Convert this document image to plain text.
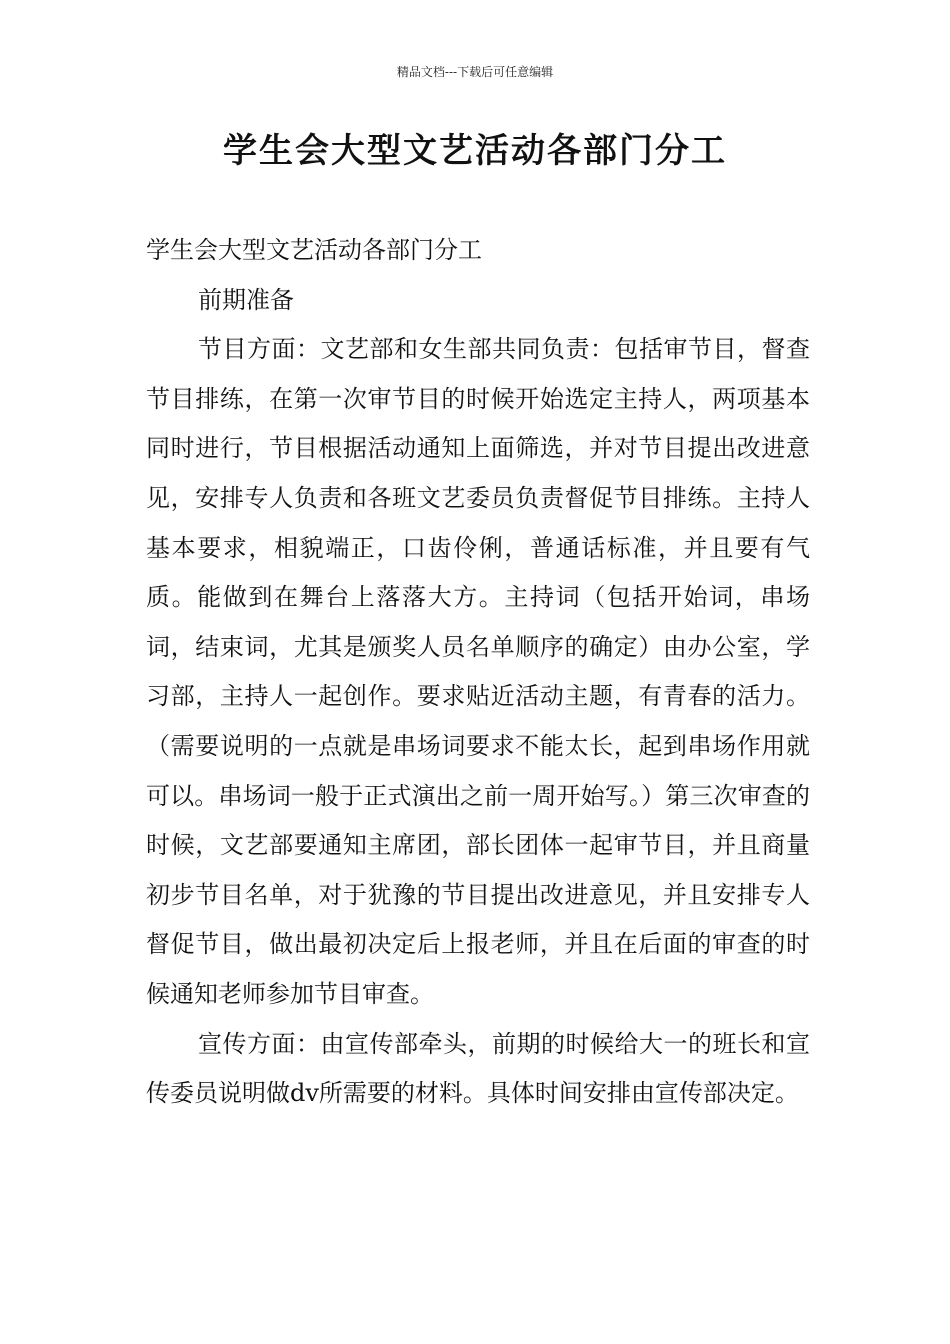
精品文档---下载后可任意编辑
学生会大型文艺活动各部门分工

学生会大型文艺活动各部门分工

前期准备

节目方面：文艺部和女生部共同负责：包括审节目，督查节目排练，在第一次审节目的时候开始选定主持人，两项基本同时进行，节目根据活动通知上面筛选，并对节目提出改进意见，安排专人负责和各班文艺委员负责督促节目排练。主持人基本要求，相貌端正，口齿伶俐，普通话标准，并且要有气质。能做到在舞台上落落大方。主持词（包括开始词，串场词，结束词，尤其是颁奖人员名单顺序的确定）由办公室，学习部，主持人一起创作。要求贴近活动主题，有青春的活力。（需要说明的一点就是串场词要求不能太长，起到串场作用就可以。串场词一般于正式演出之前一周开始写。）第三次审查的时候，文艺部要通知主席团，部长团体一起审节目，并且商量初步节目名单，对于犹豫的节目提出改进意见，并且安排专人督促节目，做出最初决定后上报老师，并且在后面的审查的时候通知老师参加节目审查。

宣传方面：由宣传部牵头，前期的时候给大一的班长和宣传委员说明做dv所需要的材料。具体时间安排由宣传部决定。
